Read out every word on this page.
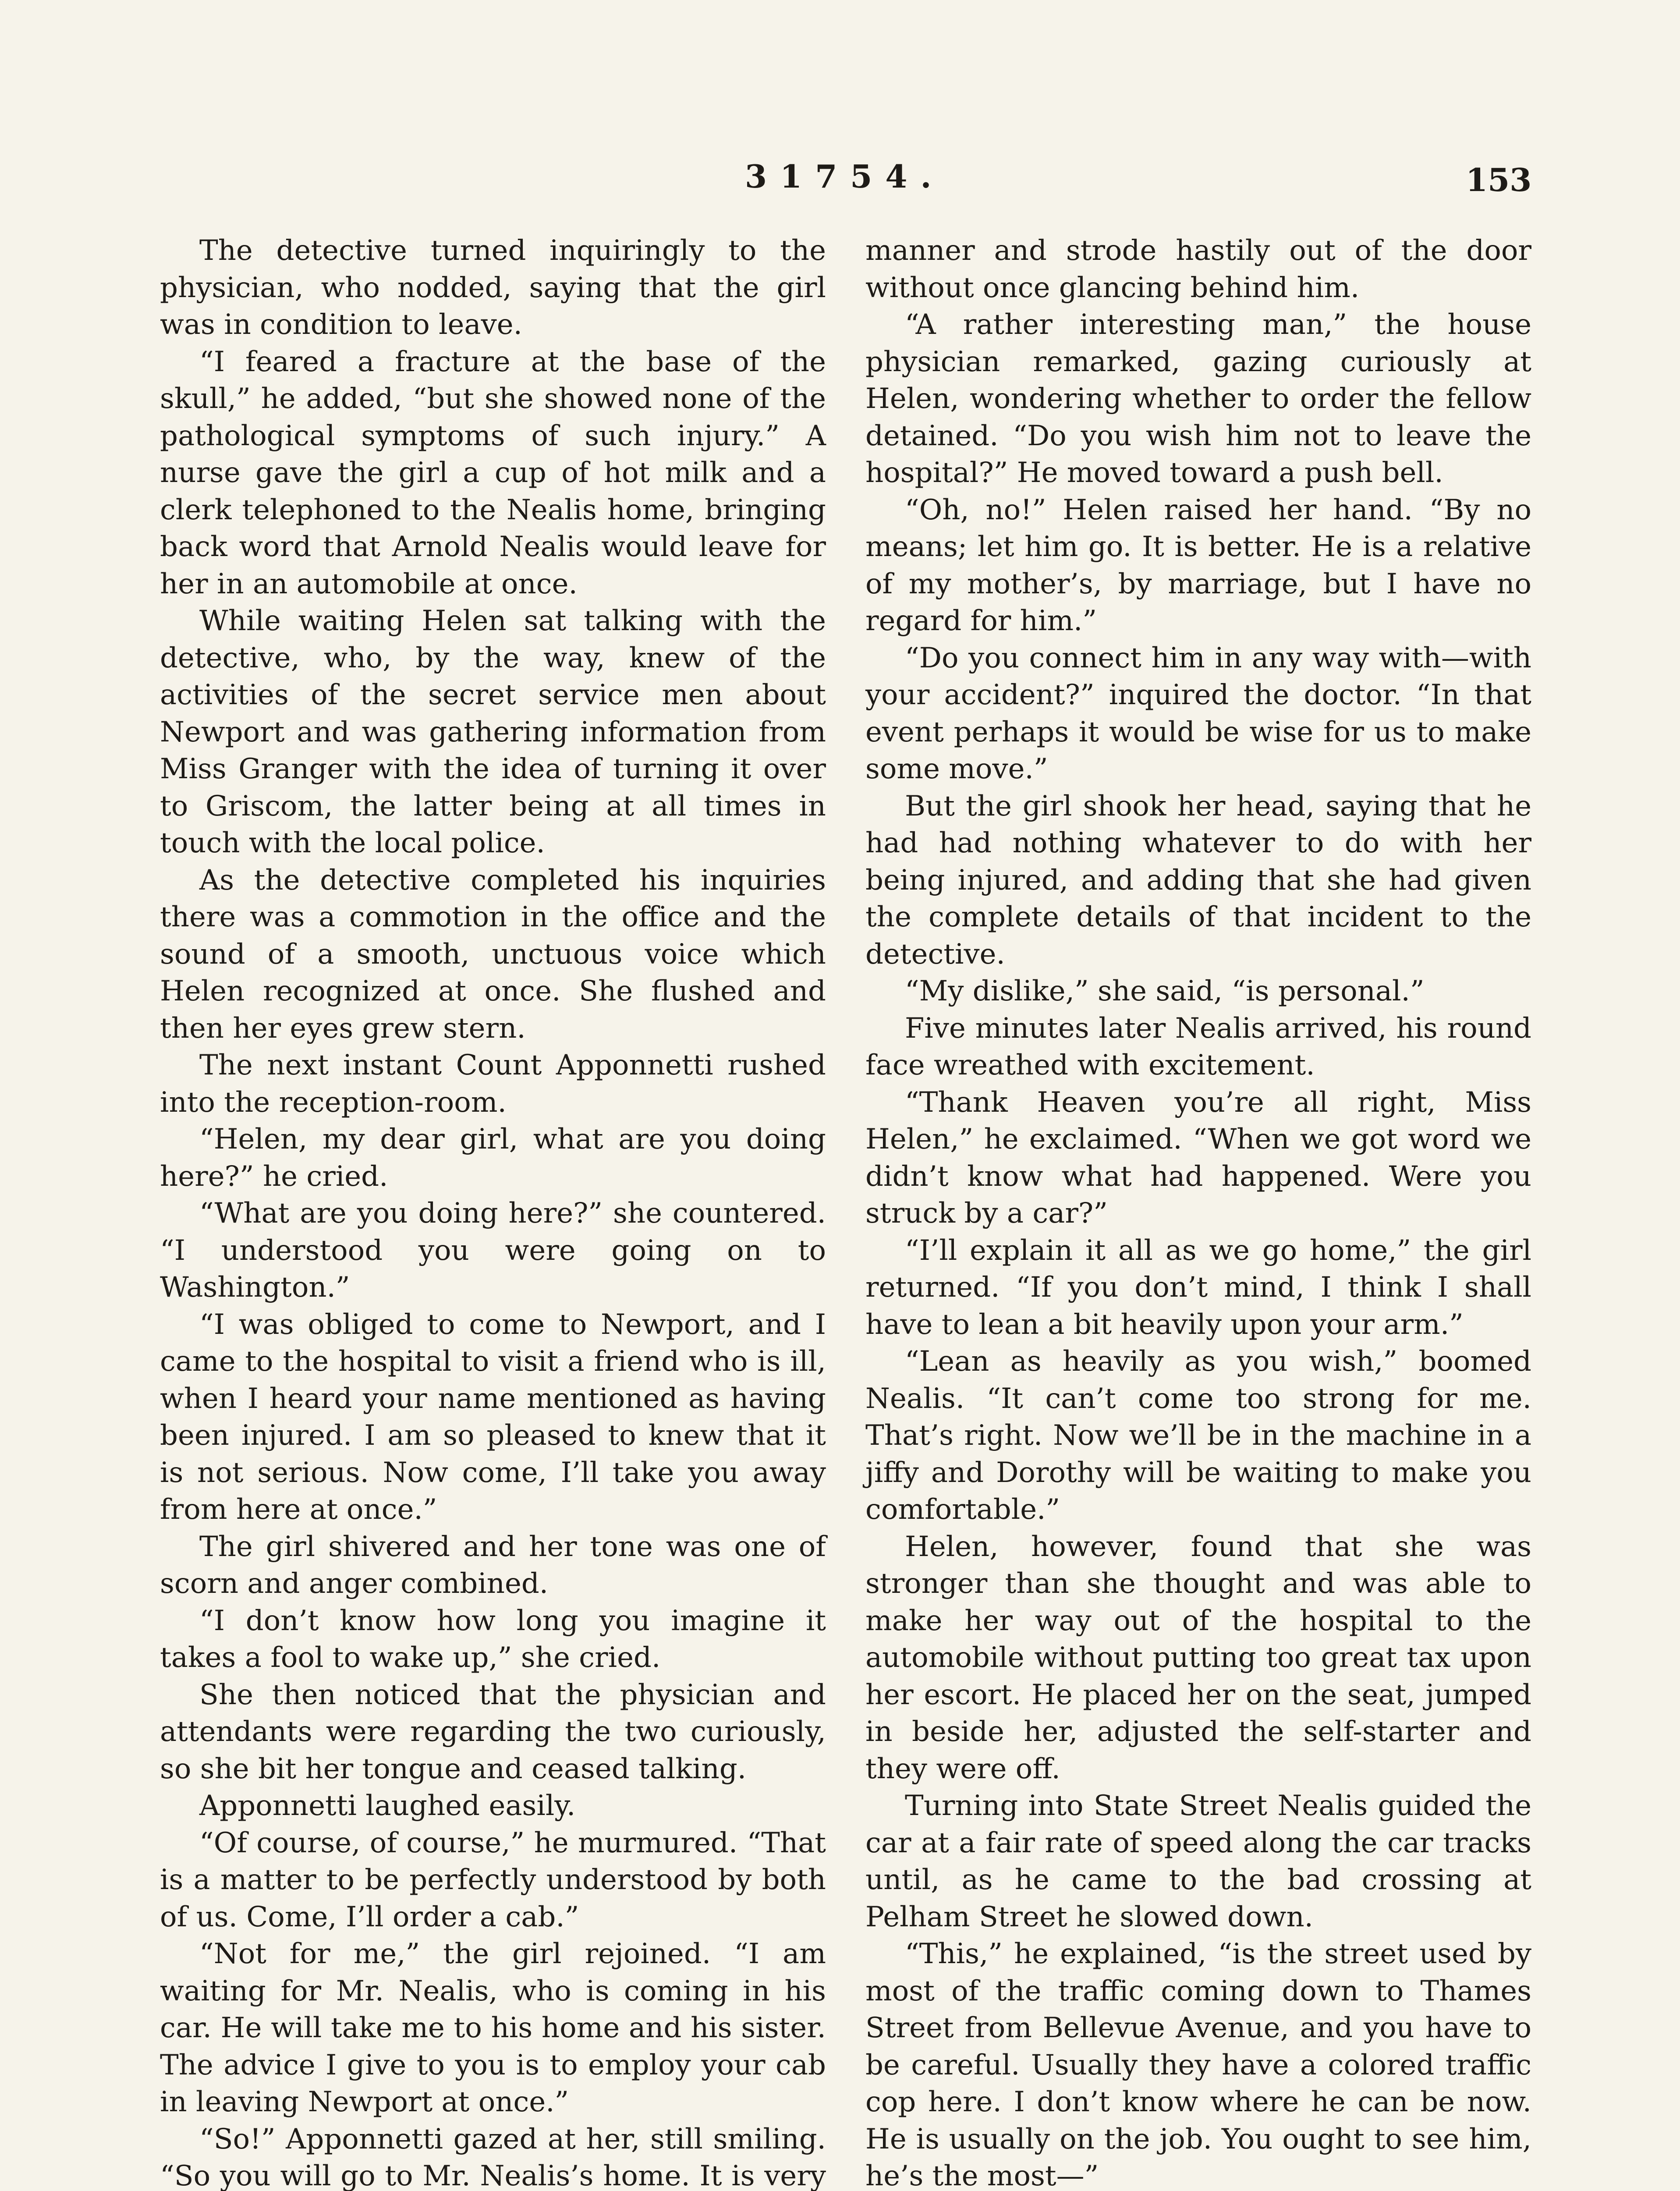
31754.	153

The detective turned inquiringly to the physician, who nodded, saying that the girl was in condition to leave.

“I feared a fracture at the base of the skull,” he added, “but she showed none of the pathological symptoms of such injury.” A nurse gave the girl a cup of hot milk and a clerk telephoned to the Nealis home, bringing back word that Arnold Nealis would leave for her in an automobile at once.

While waiting Helen sat talking with the detective, who, by the way, knew of the activities of the secret service men about Newport and was gathering information from Miss Granger with the idea of turning it over to Griscom, the latter being at all times in touch with the local police.

As the detective completed his inquiries there was a commotion in the office and the sound of a smooth, unctuous voice which Helen recognized at once. She flushed and then her eyes grew stern.

The next instant Count Apponnetti rushed into the reception-room.

“Helen, my dear girl, what are you doing here?” he cried.

“What are you doing here?” she countered. “I understood you were going on to Washington.”

“I was obliged to come to Newport, and I came to the hospital to visit a friend who is ill, when I heard your name mentioned as having been injured. I am so pleased to knew that it is not serious. Now come, I’ll take you away from here at once.”

The girl shivered and her tone was one of scorn and anger combined.

“I don’t know how long you imagine it takes a fool to wake up,” she cried.

She then noticed that the physician and attendants were regarding the two curiously, so she bit her tongue and ceased talking.

Apponnetti laughed easily.

“Of course, of course,” he murmured. “That is a matter to be perfectly understood by both of us. Come, I’ll order a cab.”

“Not for me,” the girl rejoined. “I am waiting for Mr. Nealis, who is coming in his car. He will take me to his home and his sister. The advice I give to you is to employ your cab in leaving Newport at once.”

“So!” Apponnetti gazed at her, still smiling. “So you will go to Mr. Nealis’s home. It is very

manner and strode hastily out of the door without once glancing behind him.

“A rather interesting man,” the house physician remarked, gazing curiously at Helen, wondering whether to order the fellow detained. “Do you wish him not to leave the hospital?” He moved toward a push bell.

“Oh, no!” Helen raised her hand. “By no means; let him go. It is better. He is a relative of my mother’s, by marriage, but I have no regard for him.”

“Do you connect him in any way with—with your accident?” inquired the doctor. “In that event perhaps it would be wise for us to make some move.”

But the girl shook her head, saying that he had had nothing whatever to do with her being injured, and adding that she had given the complete details of that incident to the detective.

“My dislike,” she said, “is personal.”

Five minutes later Nealis arrived, his round face wreathed with excitement.

“Thank Heaven you’re all right, Miss Helen,” he exclaimed. “When we got word we didn’t know what had happened. Were you struck by a car?”

“I’ll explain it all as we go home,” the girl returned. “If you don’t mind, I think I shall have to lean a bit heavily upon your arm.”

“Lean as heavily as you wish,” boomed Nealis. “It can’t come too strong for me. That’s right. Now we’ll be in the machine in a jiffy and Dorothy will be waiting to make you comfortable.”

Helen, however, found that she was stronger than she thought and was able to make her way out of the hospital to the automobile without putting too great tax upon her escort. He placed her on the seat, jumped in beside her, adjusted the self-starter and they were off.

Turning into State Street Nealis guided the car at a fair rate of speed along the car tracks until, as he came to the bad crossing at Pelham Street he slowed down.

“This,” he explained, “is the street used by most of the traffic coming down to Thames Street from Bellevue Avenue, and you have to be careful. Usually they have a colored traffic cop here. I don’t know where he can be now. He is usually on the job. You ought to see him, he’s the most—”
